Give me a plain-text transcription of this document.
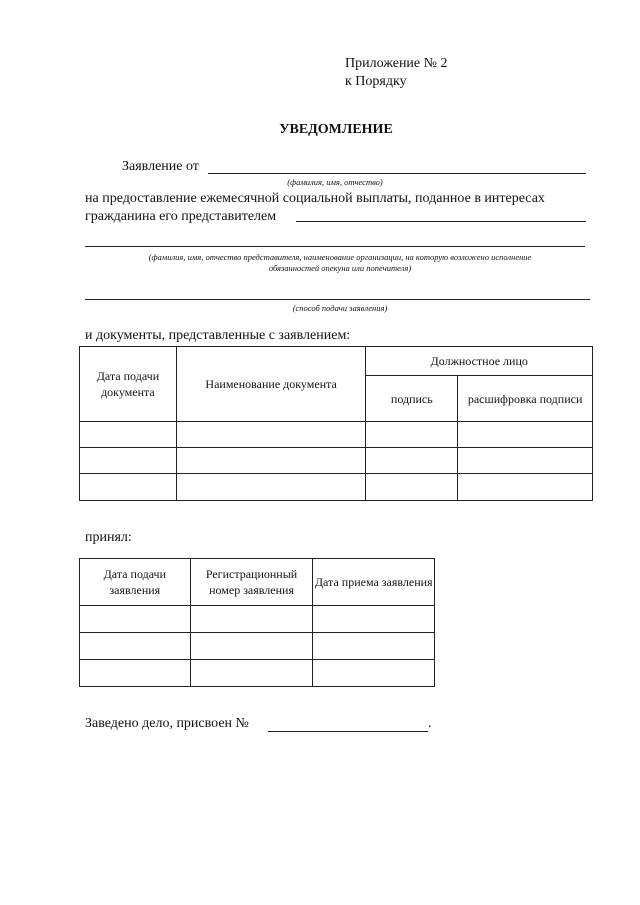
Приложение № 2
к Порядку
УВЕДОМЛЕНИЕ
Заявление от
(фамилия, имя, отчество)
на предоставление ежемесячной социальной выплаты, поданное в интересах
гражданина его представителем
(фамилия, имя, отчество представителя, наименование организации, на которую возложено исполнение
обязанностей опекуна или попечителя)
(способ подачи заявления)
и документы, представленные с заявлением:
Дата подачи документа	Наименование документа	Должностное лицо	
		подпись	расшифровка подписи

принял:
Дата подачи заявления	Регистрационный номер заявления	Дата приема заявления

Заведено дело, присвоен №	.
